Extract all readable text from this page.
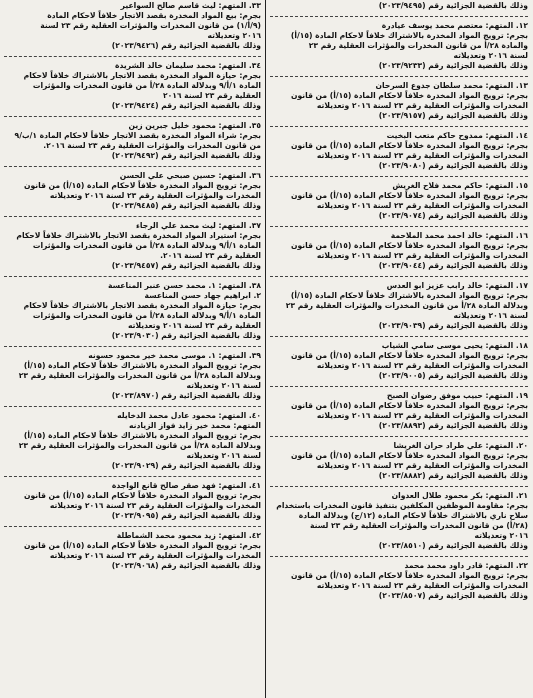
٣٣. المتهم: ليث قاسم صالح السواعير
بجرم: بيع المواد المخدرة بقصد الاتجار خلافاً لاحكام المادة
(٩/أ/١) من قانون المخدرات والمؤثرات العقلية رقم ٢٣ لسنة
٢٠١٦ وتعديلاته
وذلك بالقضية الجزائية رقم (٢٠٢٣/٩٤٢٦)
٣٤. المتهم: محمد سليمان خالد الشريدة
بجرم: حيازة المواد المخدرة بقصد الاتجار بالاشتراك خلافاً لاحكام
المادة ١/أ/٩ وبدلالة المادة ٢٨/أ من قانون المخدرات والمؤثرات
العقلية رقم ٢٣ لسنة ٢٠١٦
وذلك بالقضية الجزائية رقم (٢٠٢٣/٩٤٢٤)
٣٥. المتهم: محمود خليل جبرين زين
بجرم: شراء المواد المخدرة بقصد الاتجار خلافاً لاحكام المادة ١/ب/٩
من قانون المخدرات والمؤثرات العقلية رقم ٢٣ لسنة ٢٠١٦.
وذلك بالقضية الجزائية رقم (٢٠٢٣/٩٤٩٢)
٣٦. المتهم: حسين صبحي علي الحسن
بجرم: ترويج المواد المخدرة خلافاً لاحكام المادة (١٥/أ) من قانون
المخدرات والمؤثرات العقلية رقم ٢٣ لسنة ٢٠١٦ وتعديلاته
وذلك بالقضية الجزائية رقم (٢٠٢٣/٩٤٨٥)
٣٧. المتهم: ليث محمد علي الرجاء
بجرم: استيراد المواد المخدرة بقصد الاتجار بالاشتراك خلافاً لاحكام
المادة ١/أ/٩ وبدلالة المادة ٢٨/أ من قانون المخدرات والمؤثرات
العقلية رقم ٢٣ لسنة ٢٠١٦.
وذلك بالقضية الجزائية رقم (٢٠٢٣/٩٤٥٧)
٣٨. المتهم: ١. محمد حسن عنبر المناعسة
٢. ابراهيم جهاد حسن المناعسة
بجرم: حيازة المواد المخدرة بقصد الاتجار بالاشتراك خلافاً لاحكام
المادة ١/أ/٩ وبدلالة المادة ٢٨/أ من قانون المخدرات والمؤثرات
العقلية رقم ٢٣ لسنة ٢٠١٦ وتعديلاته
وذلك بالقضية الجزائية رقم (٢٠٢٣/٩٠٣٠)
٣٩. المتهم: ١. موسى محمد خير محمود حسونه
بجرم: ترويج المواد المخدرة بالاشتراك خلافاً لاحكام المادة (١٥/أ)
وبدلالة المادة ٢٨/أ من قانون المخدرات والمؤثرات العقلية رقم ٢٣
لسنة ٢٠١٦ وتعديلاته
وذلك بالقضية الجزائية رقم (٢٠٢٣/٨٩٧٠)
٤٠. المتهم: محمود عادل محمد الدخايله
المتهم: محمد خير زايد فواز الزيادنه
بجرم: ترويج المواد المخدرة بالاشتراك خلافاً لاحكام المادة (١٥/أ)
وبدلالة المادة ٢٨/أ من قانون المخدرات والمؤثرات العقلية رقم ٢٣
لسنة ٢٠١٦ وتعديلاته
وذلك بالقضية الجزائية رقم (٢٠٢٣/٩٠٢٩)
٤١. المتهم: فهد صقر صالح قانع الواجدة
بجرم: ترويج المواد المخدرة خلافاً لاحكام المادة (١٥/أ) من قانون
المخدرات والمؤثرات العقلية رقم ٢٣ لسنة ٢٠١٦ وتعديلاته
وذلك بالقضية الجزائية رقم (٢٠٢٣/٩٠٩٥)
٤٢. المتهم: زيد محمود محمد الشماطلة
بجرم: ترويج المواد المخدرة خلافاً لاحكام المادة (١٥/أ) من قانون
المخدرات والمؤثرات العقلية رقم ٢٣ لسنة ٢٠١٦ وتعديلاته
وذلك بالقضية الجزائية رقم (٢٠٢٣/٩٠٦٨)
وذلك بالقضية الجزائية رقم (٢٠٢٣/٩٤٩٥)
١٢. المتهم: معتصم محمد يوسف عيادرة
بجرم: ترويج المواد المخدرة بالاشتراك خلافاً لاحكام المادة (١٥/أ)
والمادة ٢٨/أ من قانون المخدرات والمؤثرات العقلية رقم ٢٣
لسنة ٢٠١٦ وتعديلاته
وذلك بالقضية الجزائية رقم (٢٠٢٣/٩٢٣٣)
١٣. المتهم: محمد سلطان جدوع السرحان
بجرم: ترويج المواد المخدرة خلافاً لاحكام المادة (١٥/أ) من قانون
المخدرات والمؤثرات العقلية رقم ٢٣ لسنة ٢٠١٦ وتعديلاته
وذلك بالقضية الجزائية رقم (٢٠٢٣/٩١٥٧)
١٤. المتهم: ممدوح حاكم متعب البخيت
بجرم: ترويج المواد المخدرة خلافاً لاحكام المادة (١٥/أ) من قانون
المخدرات والمؤثرات العقلية رقم ٢٣ لسنة ٢٠١٦ وتعديلاته
وذلك بالقضية الجزائية رقم (٢٠٢٣/٩٠٨٠)
١٥. المتهم: حاكم محمد فلاح الغريش
بجرم: ترويج المواد المخدرة خلافاً لاحكام المادة (١٥/أ) من قانون
المخدرات والمؤثرات العقلية رقم ٢٣ لسنة ٢٠١٦ وتعديلاته
وذلك بالقضية الجزائية رقم (٢٠٢٣/٩٠٧٤)
١٦. المتهم: خالد احمد محمد الملاحمة
بجرم: ترويج المواد المخدرة خلافاً لاحكام المادة (١٥/أ) من قانون
المخدرات والمؤثرات العقلية رقم ٢٣ لسنة ٢٠١٦ وتعديلاته
وذلك بالقضية الجزائية رقم (٢٠٢٣/٩٠٤٤)
١٧. المتهم: خالد رابب عزيز ابو العدس
بجرم: ترويج المواد المخدرة بالاشتراك خلافاً لاحكام المادة (١٥/أ)
وبدلالة المادة ٢٨/أ من قانون المخدرات والمؤثرات العقلية رقم ٢٣
لسنة ٢٠١٦ وتعديلاته
وذلك بالقضية الجزائية رقم (٢٠٢٣/٩٠٣٩)
١٨. المتهم: يحيى موسى سامي الشياب
بجرم: ترويج المواد المخدرة خلافاً لاحكام المادة (١٥/أ) من قانون
المخدرات والمؤثرات العقلية رقم ٢٣ لسنة ٢٠١٦ وتعديلاته
وذلك بالقضية الجزائية رقم (٢٠٢٣/٩٠٠٥)
١٩. المتهم: حبيب موفق رضوان الصبح
بجرم: ترويج المواد المخدرة خلافاً لاحكام المادة (١٥/أ) من قانون
المخدرات والمؤثرات العقلية رقم ٢٣ لسنة ٢٠١٦ وتعديلاته
وذلك بالقضية الجزائية رقم (٢٠٢٣/٨٨٩٣)
٢٠. المتهم: علي طراد حران الغريشا
بجرم: ترويج المواد المخدرة خلافاً لاحكام المادة (١٥/أ) من قانون
المخدرات والمؤثرات العقلية رقم ٢٣ لسنة ٢٠١٦ وتعديلاته
وذلك بالقضية الجزائية رقم (٢٠٢٣/٨٨٨٢)
٢١. المتهم: بكر محمود طلال العدوان
بجرم: مقاومة الموظفين المكلفين بتنفيذ قانون المخدرات باستخدام
سلاح ناري بالاشتراك خلافاً لاحكام المادة (١٢/ج) وبدلالة المادة
(٢٨/أ) من قانون المخدرات والمؤثرات العقلية رقم ٢٣ لسنة
٢٠١٦ وتعديلاته
وذلك بالقضية الجزائية رقم (٢٠٢٣/٨٥١٠)
٢٢. المتهم: قادر داود محمد محمد
بجرم: ترويج المواد المخدرة خلافاً لاحكام المادة (١٥/أ) من قانون
المخدرات والمؤثرات العقلية رقم ٢٣ لسنة ٢٠١٦ وتعديلاته
وذلك بالقضية الجزائية رقم (٢٠٢٣/٨٥٠٧)
